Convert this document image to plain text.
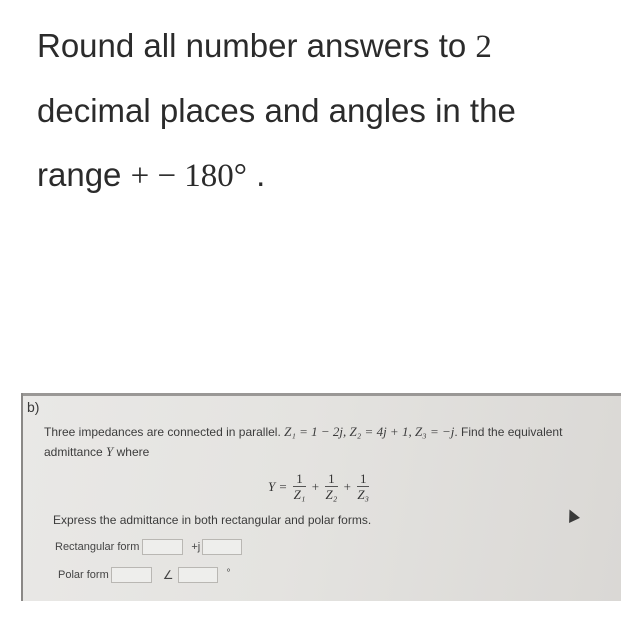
Round all number answers to 2
decimal places and angles in the
range + − 180° .
b)
Three impedances are connected in parallel. Z₁ = 1 − 2j, Z₂ = 4j + 1, Z₃ = −j. Find the equivalent admittance Y where
$Y = \frac{1}{\text{Z₁}} + \frac{1}{\text{Z₂}} + \frac{1}{\text{Z₃}}$
Express the admittance in both rectangular and polar forms.
Rectangular form	+j
Polar form	∠	°
